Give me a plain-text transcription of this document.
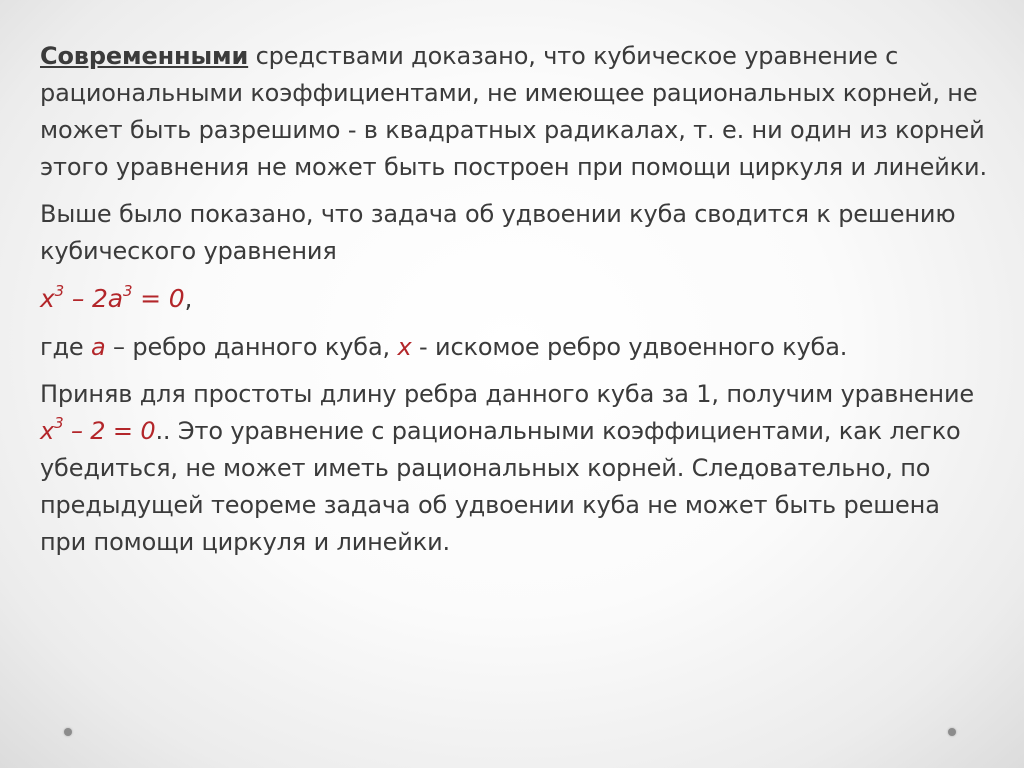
Современными средствами доказано, что кубическое уравнение с рациональными коэффициентами, не имеющее рациональных корней, не может быть разрешимо - в квадратных радикалах, т. е. ни один из корней этого уравнения не может быть построен при помощи циркуля и линейки.

Выше было показано, что задача об удвоении куба сводится к решению кубического уравнения

$x^3 - 2a^3 = 0$,

где a – ребро данного куба, x - искомое ребро удвоенного куба.

Приняв для простоты длину ребра данного куба за 1, получим уравнение $x^3 - 2 = 0$.. Это уравнение с рациональными коэффициентами, как легко убедиться, не может иметь рациональных корней. Следовательно, по предыдущей теореме задача об удвоении куба не может быть решена при помощи циркуля и линейки.
